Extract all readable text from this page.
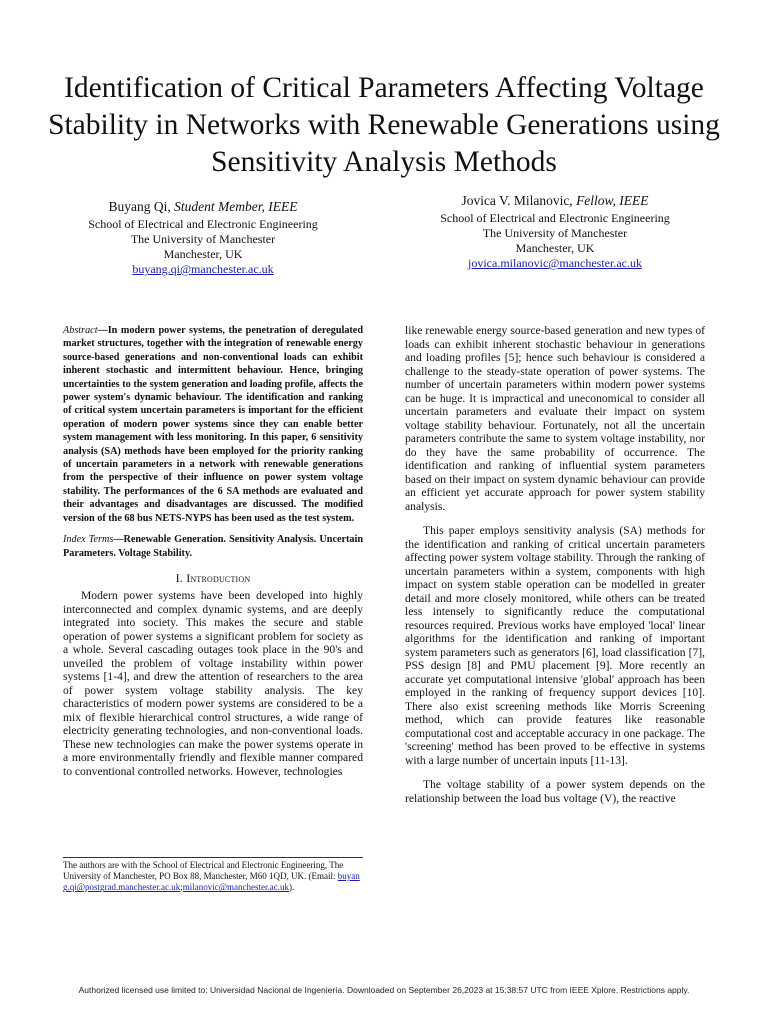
Identification of Critical Parameters Affecting Voltage Stability in Networks with Renewable Generations using Sensitivity Analysis Methods
Buyang Qi, Student Member, IEEE
School of Electrical and Electronic Engineering
The University of Manchester
Manchester, UK
buyang.qi@manchester.ac.uk
Jovica V. Milanovic, Fellow, IEEE
School of Electrical and Electronic Engineering
The University of Manchester
Manchester, UK
jovica.milanovic@manchester.ac.uk

Abstract—In modern power systems, the penetration of deregulated market structures, together with the integration of renewable energy source-based generations and non-conventional loads can exhibit inherent stochastic and intermittent behaviour. Hence, bringing uncertainties to the system generation and loading profile, affects the power system's dynamic behaviour. The identification and ranking of critical system uncertain parameters is important for the efficient operation of modern power systems since they can enable better system management with less monitoring. In this paper, 6 sensitivity analysis (SA) methods have been employed for the priority ranking of uncertain parameters in a network with renewable generations from the perspective of their influence on power system voltage stability. The performances of the 6 SA methods are evaluated and their advantages and disadvantages are discussed. The modified version of the 68 bus NETS-NYPS has been used as the test system.

Index Terms—Renewable Generation. Sensitivity Analysis. Uncertain Parameters. Voltage Stability.

I. Introduction

Modern power systems have been developed into highly interconnected and complex dynamic systems, and are deeply integrated into society. This makes the secure and stable operation of power systems a significant problem for society as a whole. Several cascading outages took place in the 90's and unveiled the problem of voltage instability within power systems [1-4], and drew the attention of researchers to the area of power system voltage stability analysis. The key characteristics of modern power systems are considered to be a mix of flexible hierarchical control structures, a wide range of electricity generating technologies, and non-conventional loads. These new technologies can make the power systems operate in a more environmentally friendly and flexible manner compared to conventional controlled networks. However, technologies

like renewable energy source-based generation and new types of loads can exhibit inherent stochastic behaviour in generations and loading profiles [5]; hence such behaviour is considered a challenge to the steady-state operation of power systems. The number of uncertain parameters within modern power systems can be huge. It is impractical and uneconomical to consider all uncertain parameters and evaluate their impact on system voltage stability behaviour. Fortunately, not all the uncertain parameters contribute the same to system voltage instability, nor do they have the same probability of occurrence. The identification and ranking of influential system parameters based on their impact on system dynamic behaviour can provide an efficient yet accurate approach for power system stability analysis.

This paper employs sensitivity analysis (SA) methods for the identification and ranking of critical uncertain parameters affecting power system voltage stability. Through the ranking of uncertain parameters within a system, components with high impact on system stable operation can be modelled in greater detail and more closely monitored, while others can be treated less intensely to significantly reduce the computational resources required. Previous works have employed 'local' linear algorithms for the identification and ranking of important system parameters such as generators [6], load classification [7], PSS design [8] and PMU placement [9]. More recently an accurate yet computational intensive 'global' approach has been employed in the ranking of frequency support devices [10]. There also exist screening methods like Morris Screening method, which can provide features like reasonable computational cost and acceptable accuracy in one package. The 'screening' method has been proved to be effective in systems with a large number of uncertain inputs [11-13].

The voltage stability of a power system depends on the relationship between the load bus voltage (V), the reactive

The authors are with the School of Electrical and Electronic Engineering, The University of Manchester, PO Box 88, Manchester, M60 1QD, UK. (Email: buyang.qi@postgrad.manchester.ac.uk;milanovic@manchester.ac.uk).
Authorized licensed use limited to: Universidad Nacional de Ingeniería. Downloaded on September 26,2023 at 15:38:57 UTC from IEEE Xplore. Restrictions apply.
